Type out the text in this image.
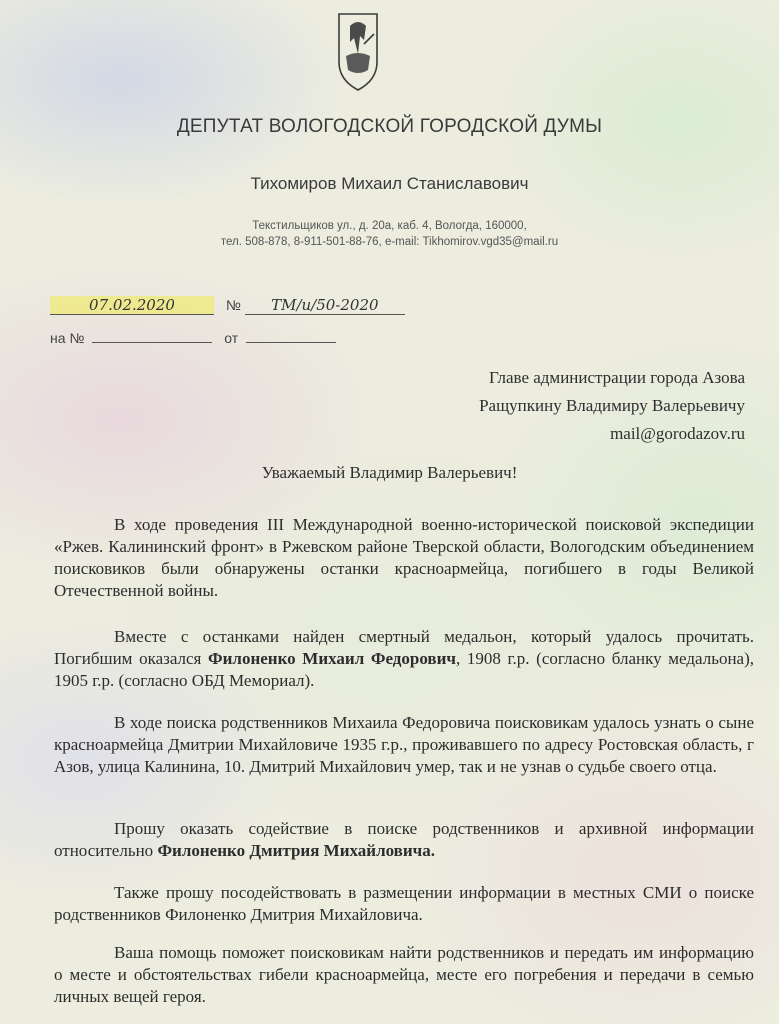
ДЕПУТАТ ВОЛОГОДСКОЙ ГОРОДСКОЙ ДУМЫ
Тихомиров Михаил Станиславович
Текстильщиков ул., д. 20а, каб. 4, Вологда, 160000,
тел. 508-878, 8-911-501-88-76, e-mail: Tikhomirov.vgd35@mail.ru
07.02.2020	№ ТМ/и/50-2020
на №	от
Главе администрации города Азова
Ращупкину Владимиру Валерьевичу
mail@gorodazov.ru
Уважаемый Владимир Валерьевич!

В ходе проведения III Международной военно-исторической поисковой экспедиции «Ржев. Калининский фронт» в Ржевском районе Тверской области, Вологодским объединением поисковиков были обнаружены останки красноармейца, погибшего в годы Великой Отечественной войны.

Вместе с останками найден смертный медальон, который удалось прочитать. Погибшим оказался Филоненко Михаил Федорович, 1908 г.р. (согласно бланку медальона), 1905 г.р. (согласно ОБД Мемориал).

В ходе поиска родственников Михаила Федоровича поисковикам удалось узнать о сыне красноармейца Дмитрии Михайловиче 1935 г.р., проживавшего по адресу Ростовская область, г Азов, улица Калинина, 10. Дмитрий Михайлович умер, так и не узнав о судьбе своего отца.

Прошу оказать содействие в поиске родственников и архивной информации относительно Филоненко Дмитрия Михайловича.

Также прошу посодействовать в размещении информации в местных СМИ о поиске родственников Филоненко Дмитрия Михайловича.

Ваша помощь поможет поисковикам найти родственников и передать им информацию о месте и обстоятельствах гибели красноармейца, месте его погребения и передачи в семью личных вещей героя.
